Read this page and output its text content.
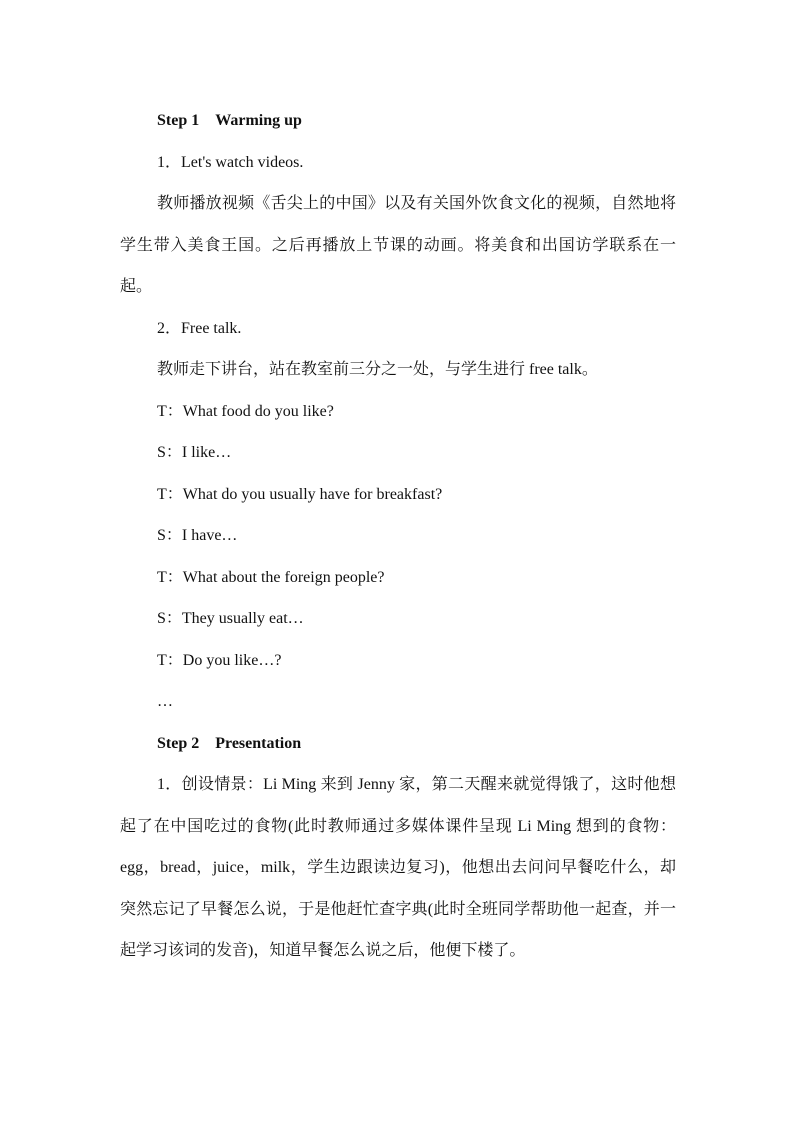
Step 1　Warming up
1．Let's watch videos.
教师播放视频《舌尖上的中国》以及有关国外饮食文化的视频，自然地将学生带入美食王国。之后再播放上节课的动画。将美食和出国访学联系在一起。
2．Free talk.
教师走下讲台，站在教室前三分之一处，与学生进行 free talk。
T：What food do you like?
S：I like…
T：What do you usually have for breakfast?
S：I have…
T：What about the foreign people?
S：They usually eat…
T：Do you like…?
…
Step 2　Presentation
1．创设情景：Li Ming 来到 Jenny 家，第二天醒来就觉得饿了，这时他想起了在中国吃过的食物(此时教师通过多媒体课件呈现 Li Ming 想到的食物：egg，bread，juice，milk，学生边跟读边复习)，他想出去问问早餐吃什么，却突然忘记了早餐怎么说，于是他赶忙查字典(此时全班同学帮助他一起查，并一起学习该词的发音)，知道早餐怎么说之后，他便下楼了。
